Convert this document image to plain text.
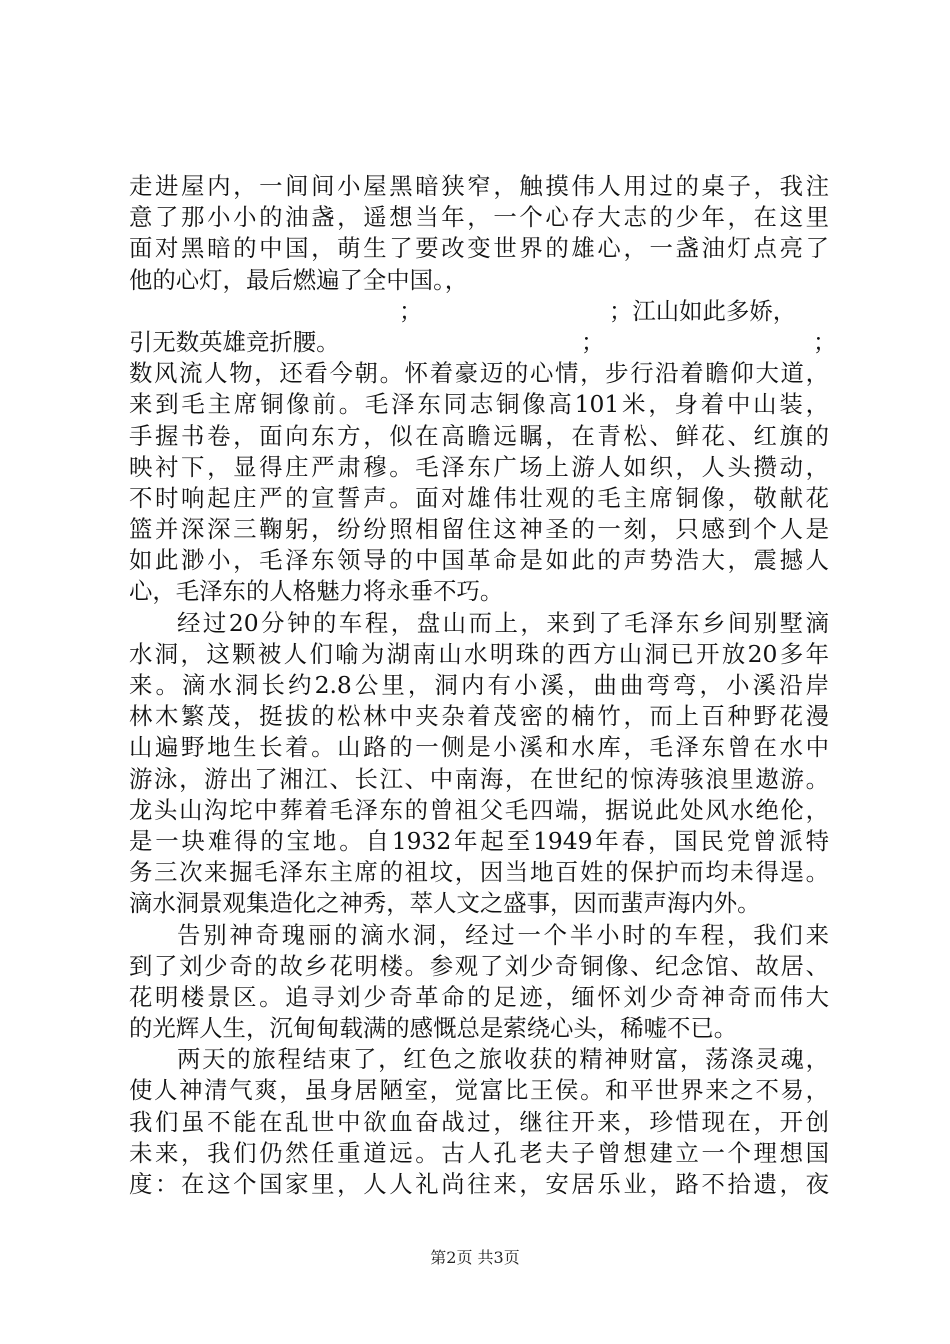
走进屋内，一间间小屋黑暗狭窄，触摸伟人用过的桌子，我注
意了那小小的油盏，遥想当年，一个心存大志的少年，在这里
面对黑暗的中国，萌生了要改变世界的雄心，一盏油灯点亮了
他的心灯，最后燃遍了全中国。，
；	；江山如此多娇，
引无数英雄竞折腰。	；	；
数风流人物，还看今朝。怀着豪迈的心情，步行沿着瞻仰大道，
来到毛主席铜像前。毛泽东同志铜像高101米，身着中山装，
手握书卷，面向东方，似在高瞻远瞩，在青松、鲜花、红旗的
映衬下，显得庄严肃穆。毛泽东广场上游人如织，人头攒动，
不时响起庄严的宣誓声。面对雄伟壮观的毛主席铜像，敬献花
篮并深深三鞠躬，纷纷照相留住这神圣的一刻，只感到个人是
如此渺小，毛泽东领导的中国革命是如此的声势浩大，震撼人
心，毛泽东的人格魅力将永垂不巧。
经过20分钟的车程，盘山而上，来到了毛泽东乡间别墅滴
水洞，这颗被人们喻为湖南山水明珠的西方山洞已开放20多年
来。滴水洞长约2.8公里，洞内有小溪，曲曲弯弯，小溪沿岸
林木繁茂，挺拔的松林中夹杂着茂密的楠竹，而上百种野花漫
山遍野地生长着。山路的一侧是小溪和水库，毛泽东曾在水中
游泳，游出了湘江、长江、中南海，在世纪的惊涛骇浪里遨游。
龙头山沟坨中葬着毛泽东的曾祖父毛四端，据说此处风水绝伦，
是一块难得的宝地。自1932年起至1949年春，国民党曾派特
务三次来掘毛泽东主席的祖坟，因当地百姓的保护而均未得逞。
滴水洞景观集造化之神秀，萃人文之盛事，因而蜚声海内外。
告别神奇瑰丽的滴水洞，经过一个半小时的车程，我们来
到了刘少奇的故乡花明楼。参观了刘少奇铜像、纪念馆、故居、
花明楼景区。追寻刘少奇革命的足迹，缅怀刘少奇神奇而伟大
的光辉人生，沉甸甸载满的感慨总是萦绕心头，稀嘘不已。
两天的旅程结束了，红色之旅收获的精神财富，荡涤灵魂，
使人神清气爽，虽身居陋室，觉富比王侯。和平世界来之不易，
我们虽不能在乱世中欲血奋战过，继往开来，珍惜现在，开创
未来，我们仍然任重道远。古人孔老夫子曾想建立一个理想国
度：在这个国家里，人人礼尚往来，安居乐业，路不拾遗，夜
第2页 共3页
